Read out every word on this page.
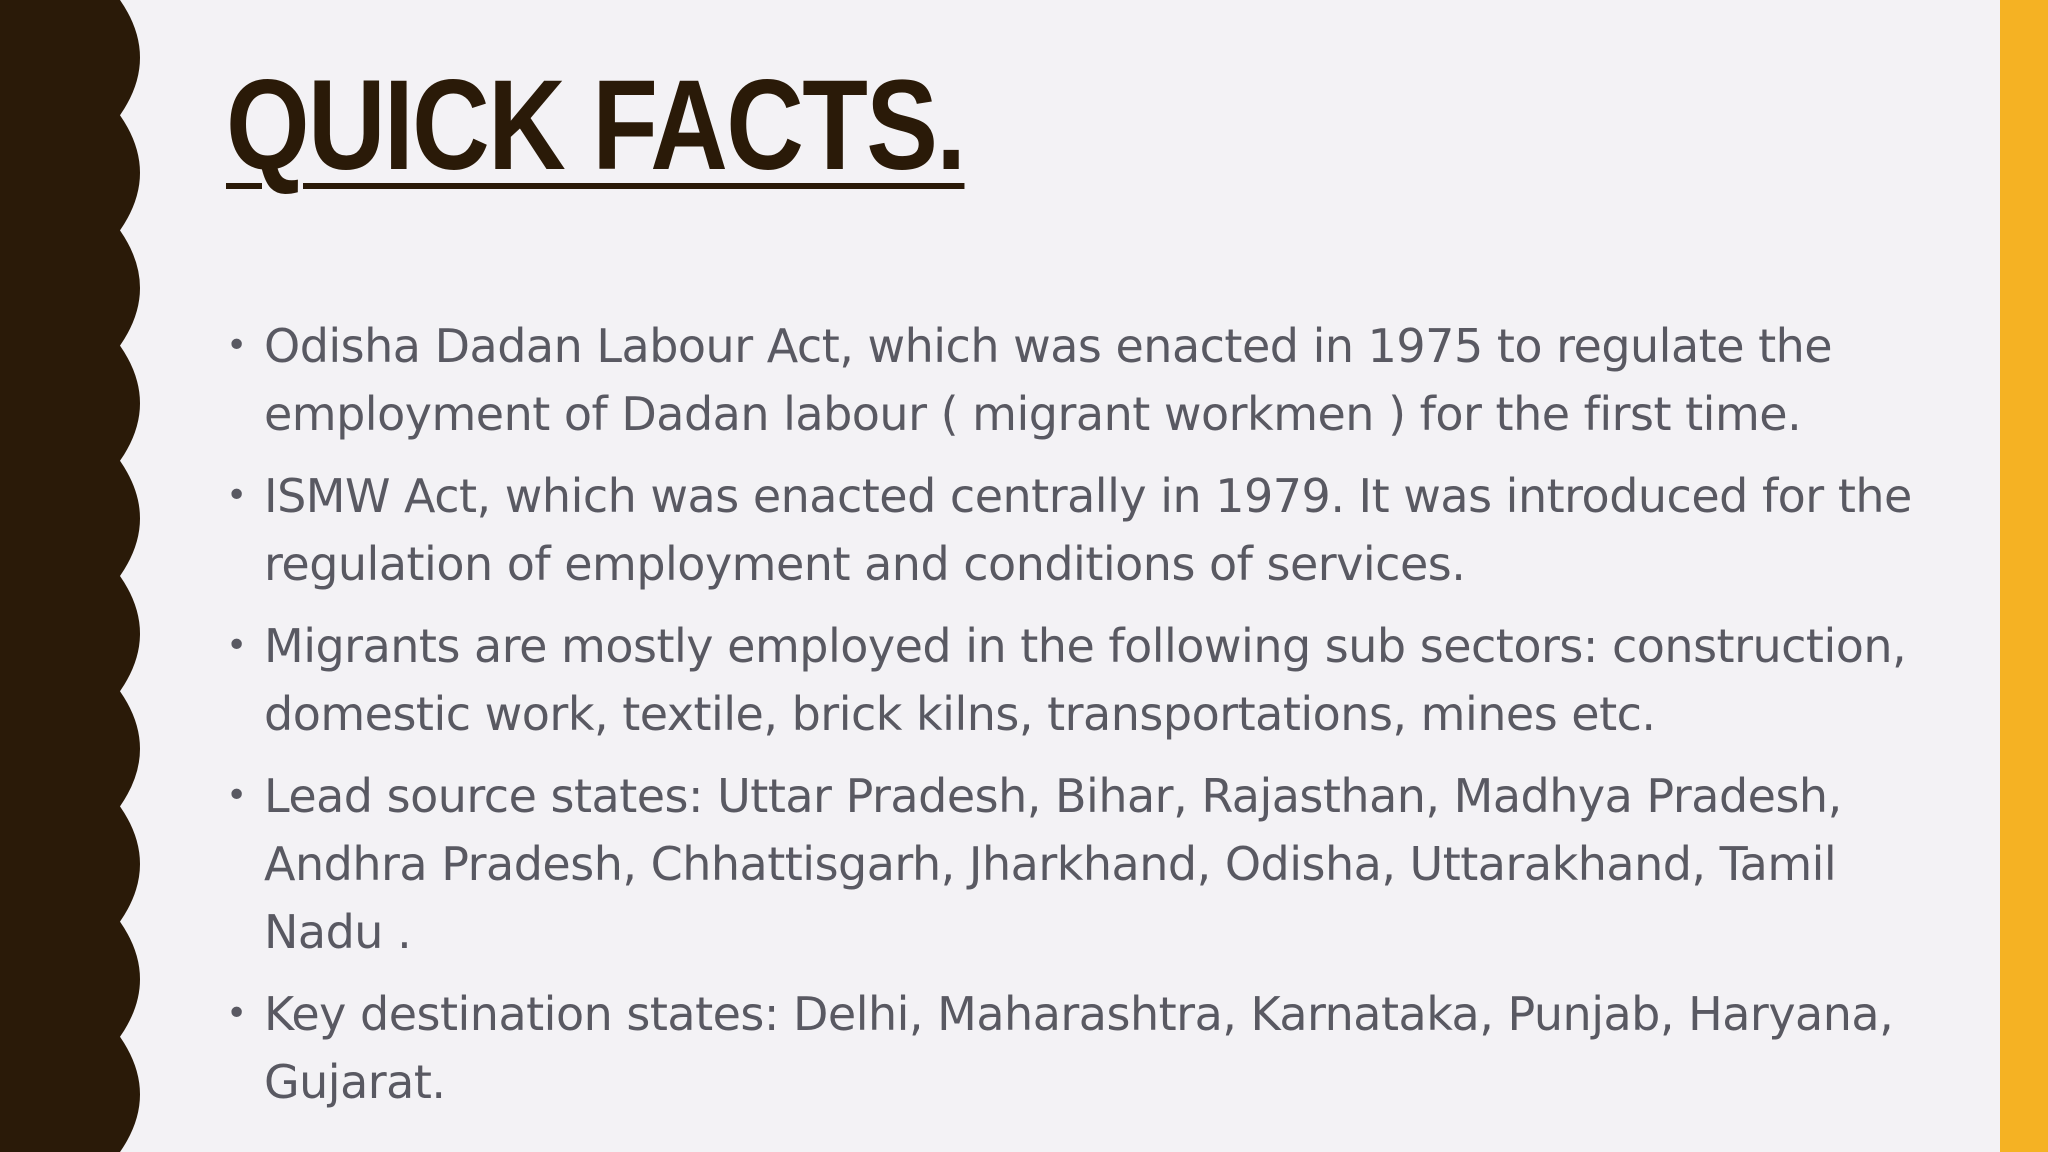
QUICK FACTS.
• Odisha Dadan Labour Act, which was enacted in 1975 to regulate the employment of Dadan labour ( migrant workmen ) for the first time.
• ISMW Act, which was enacted centrally in 1979. It was introduced for the regulation of employment and conditions of services.
• Migrants are mostly employed in the following sub sectors: construction, domestic work, textile, brick kilns, transportations, mines etc.
• Lead source states: Uttar Pradesh, Bihar, Rajasthan, Madhya Pradesh, Andhra Pradesh, Chhattisgarh, Jharkhand, Odisha, Uttarakhand, Tamil Nadu .
• Key destination states: Delhi, Maharashtra, Karnataka, Punjab, Haryana, Gujarat.
